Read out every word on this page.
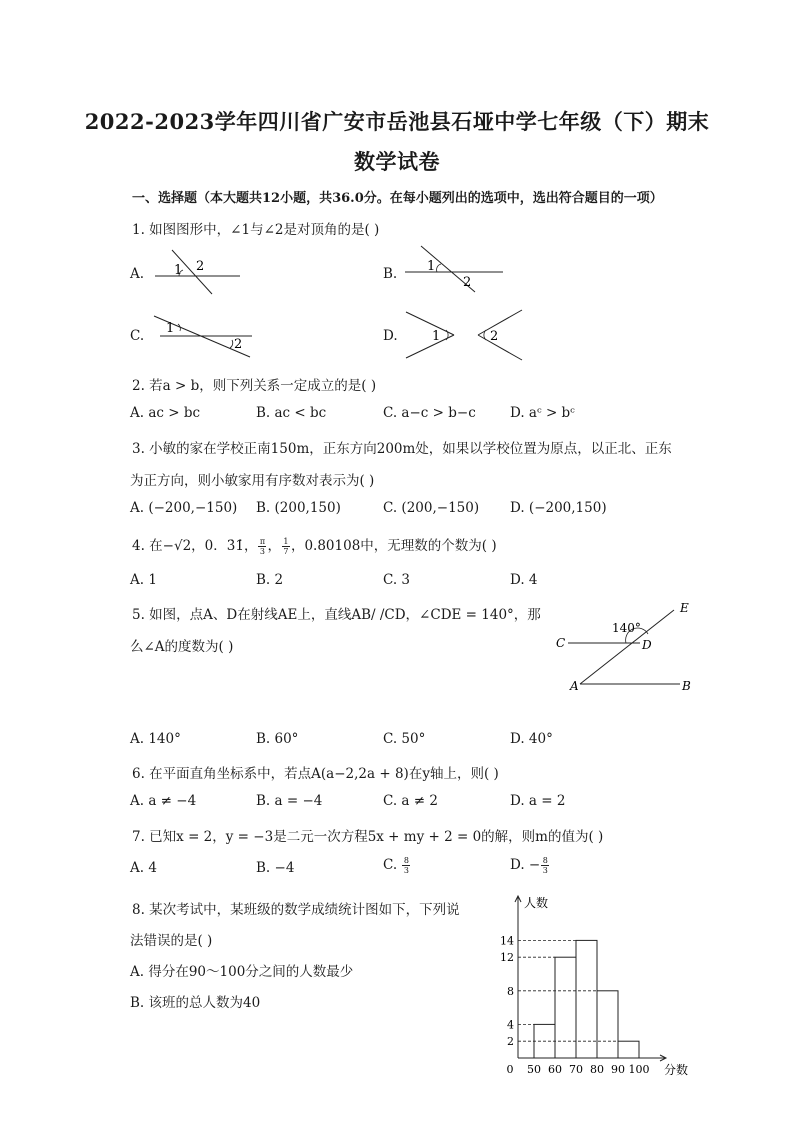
2022-2023学年四川省广安市岳池县石垭中学七年级（下）期末
数学试卷
一、选择题（本大题共12小题，共36.0分。在每小题列出的选项中，选出符合题目的一项）
1. 如图图形中，∠1与∠2是对顶角的是( )
A. 1 2	B. 1
2
C. 1
2
D.	1	2
2. 若a > b，则下列关系一定成立的是( )
A. ac > bc	B. ac < bc	C. a−c > b−c	D. aᶜ > bᶜ
3. 小敏的家在学校正南150m，正东方向200m处，如果以学校位置为原点，以正北、正东
为正方向，则小敏家用有序数对表示为( )
A. (−200,−150) B. (200,150)	C. (200,−150) D. (−200,150)
4. 在−√2，0．3̇1̇， $\frac{\pi}{3}$ ， $\frac{1}{7}$ ，0.80108中，无理数的个数为( )
A. 1	B. 2	C. 3	D. 4
5. 如图，点A、D在射线AE上，直线AB/ /CD，∠CDE = 140°，那
么∠A的度数为( )
140°
E
C	D
A	B
A. 140°	B. 60°	C. 50°	D. 40°
6. 在平面直角坐标系中，若点A(a−2,2a + 8)在y轴上，则( )
A. a ≠ −4	B. a = −4	C. a ≠ 2	D. a = 2
7. 已知x = 2，y = −3是二元一次方程5x + my + 2 = 0的解，则m的值为( )
A. 4	B. −4	C. $\frac{8}{3}$	D. − $\frac{8}{3}$
8. 某次考试中，某班级的数学成绩统计图如下，下列说
法错误的是( )
A. 得分在90～100分之间的人数最少
B. 该班的总人数为40
2
4
8
12
14
0 50 60 70 80 90 100
人数
分数
